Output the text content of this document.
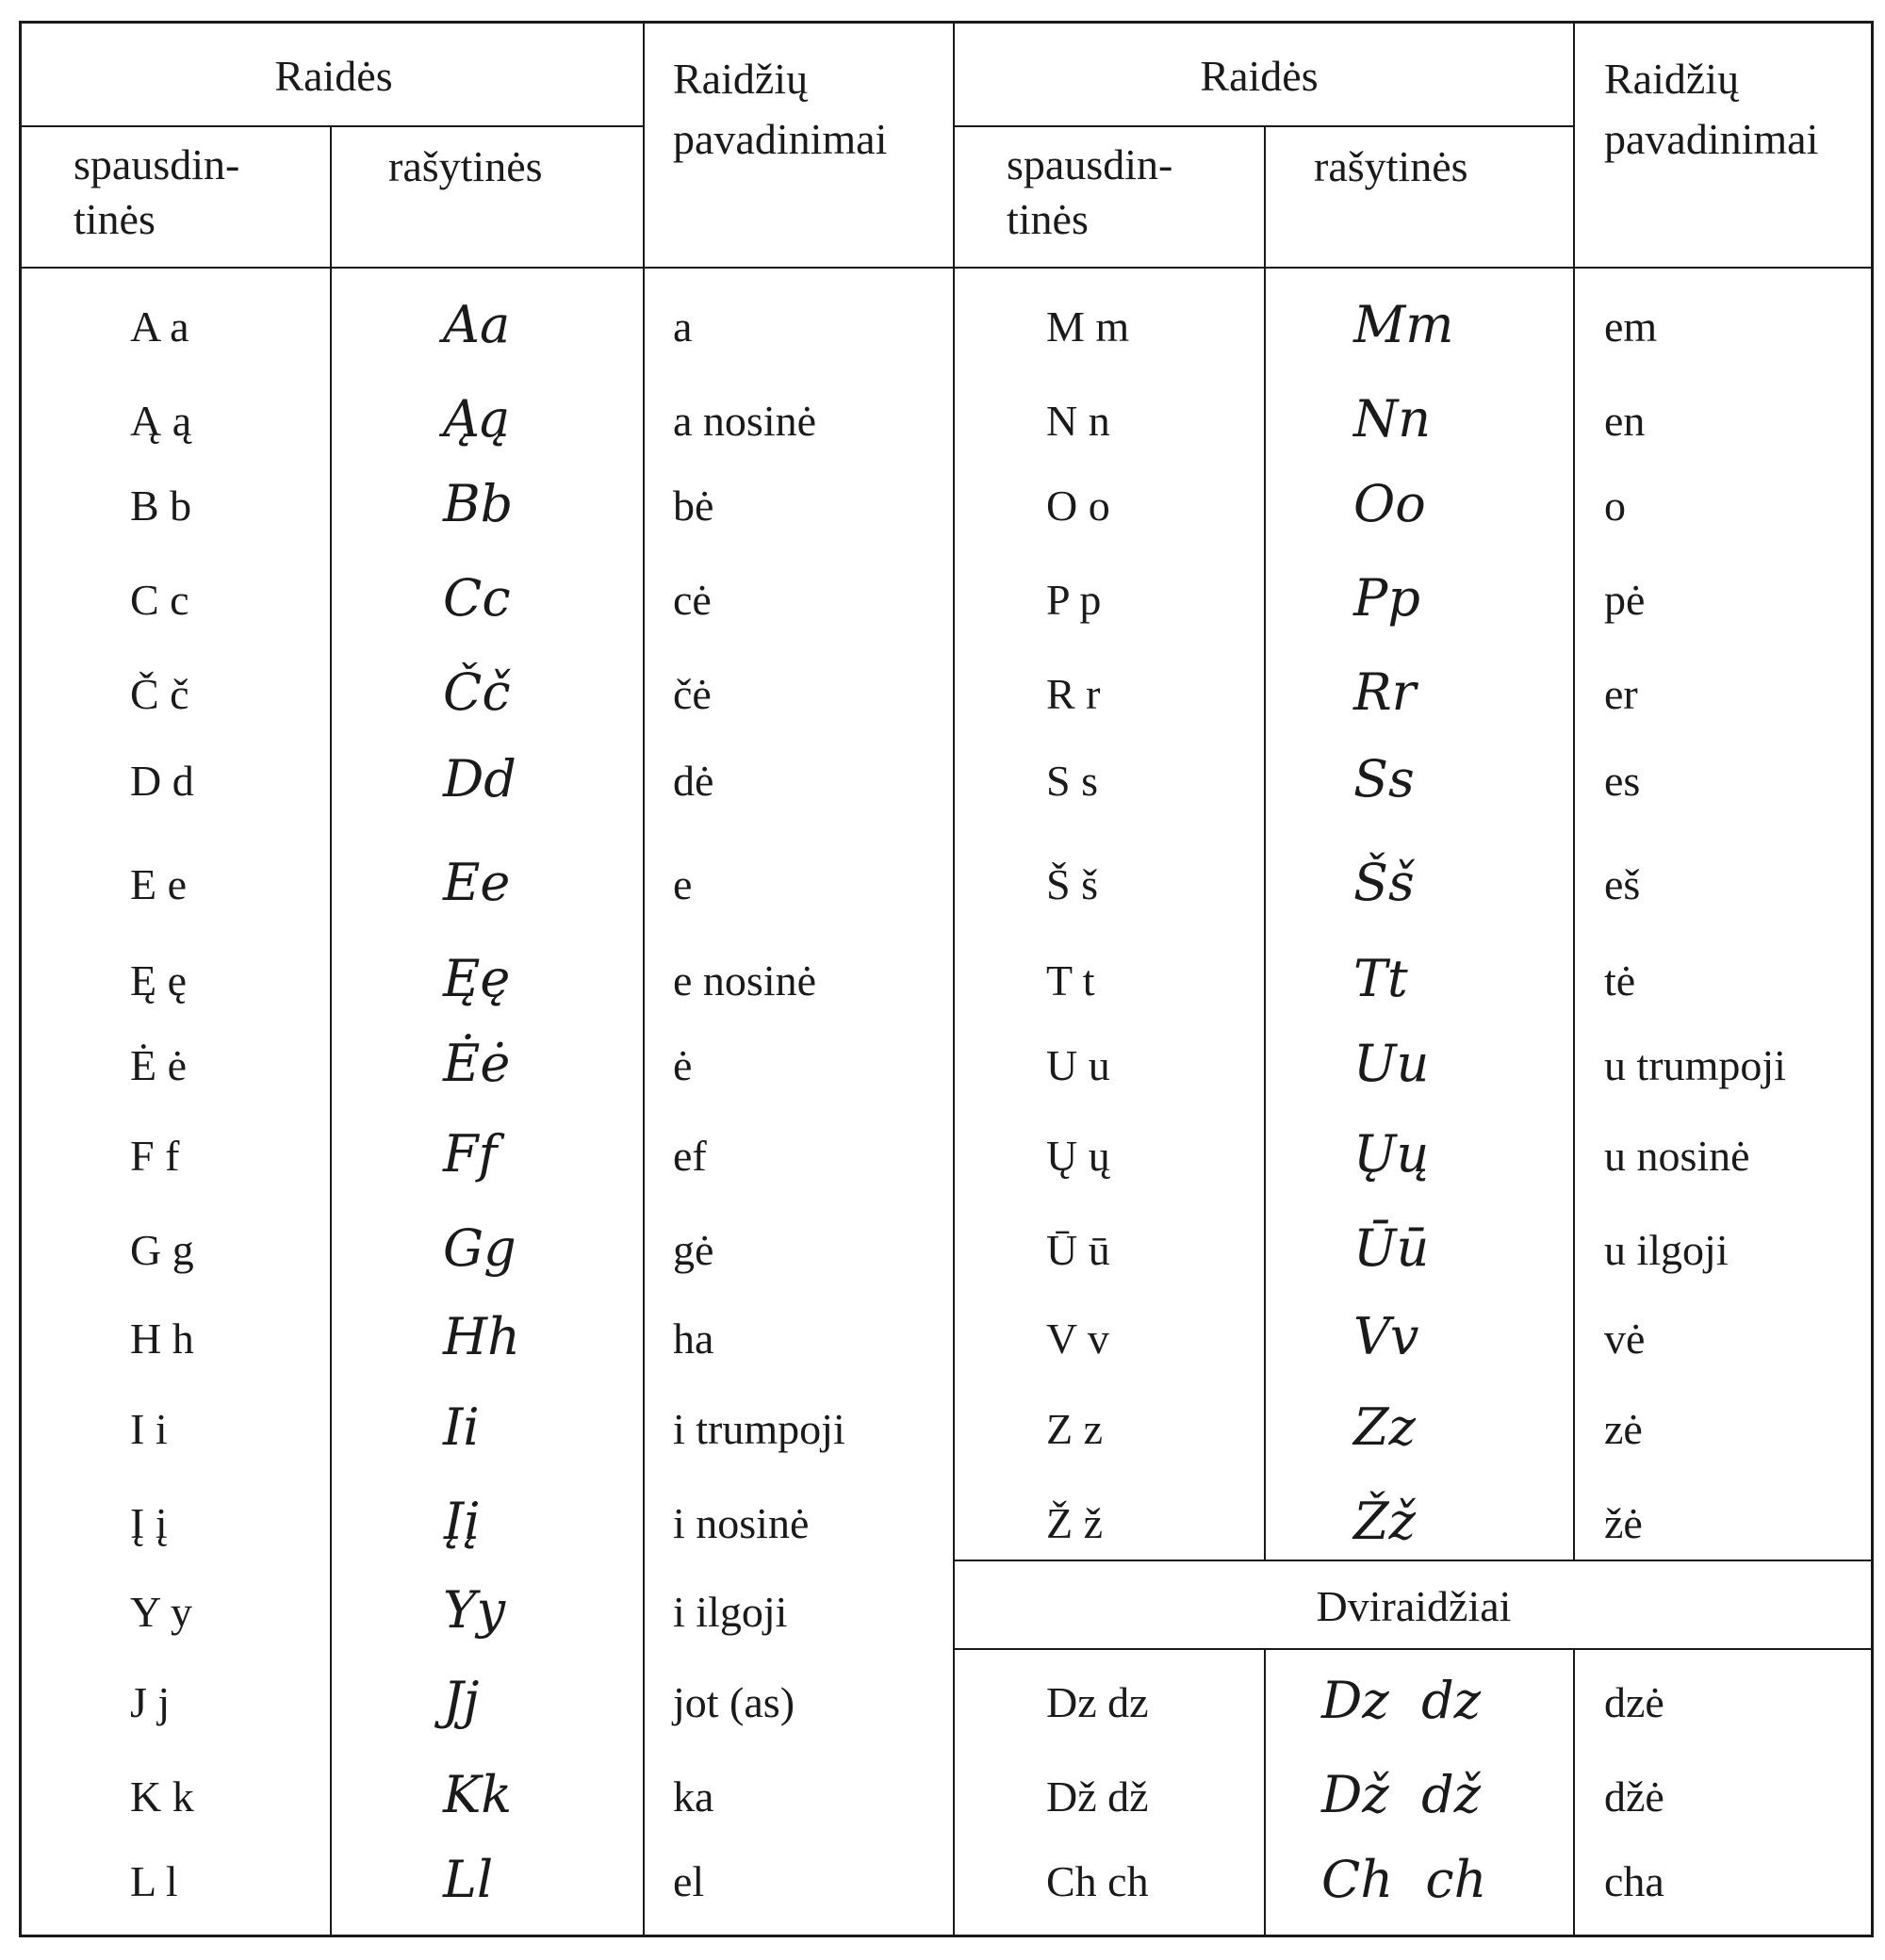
Raidės
spausdin-
tinės
rašytinės
Raidžių
pavadinimai
Raidės
spausdin-
tinės
rašytinės
Raidžių
pavadinimai
Dviraidžiai
A a	Aa	a
Ą ą	Ąą	a nosinė
B b	Bb	bė
C c	Cc	cė
Č č	Čč	čė
D d	Dd	dė
E e	Ee	e
Ę ę	Ęę	e nosinė
Ė ė	Ėė	ė
F f	Ff	ef
G g	Gg	gė
H h	Hh	ha
I i	Ii	i trumpoji
Į į	Įį	i nosinė
Y y	Yy	i ilgoji
J j	Jj	jot (as)
K k	Kk	ka
L l	Ll	el
M m	Mm	em
N n	Nn	en
O o	Oo	o
P p	Pp	pė
R r	Rr	er
S s	Ss	es
Š š	Šš	eš
T t	Tt	tė
U u	Uu	u trumpoji
Ų ų	Ųų	u nosinė
Ū ū	Ūū	u ilgoji
V v	Vv	vė
Z z	Zz	zė
Ž ž	Žž	žė
Dz dz	Dz  dz	dzė
Dž dž	Dž  dž	džė
Ch ch	Ch  ch	cha
